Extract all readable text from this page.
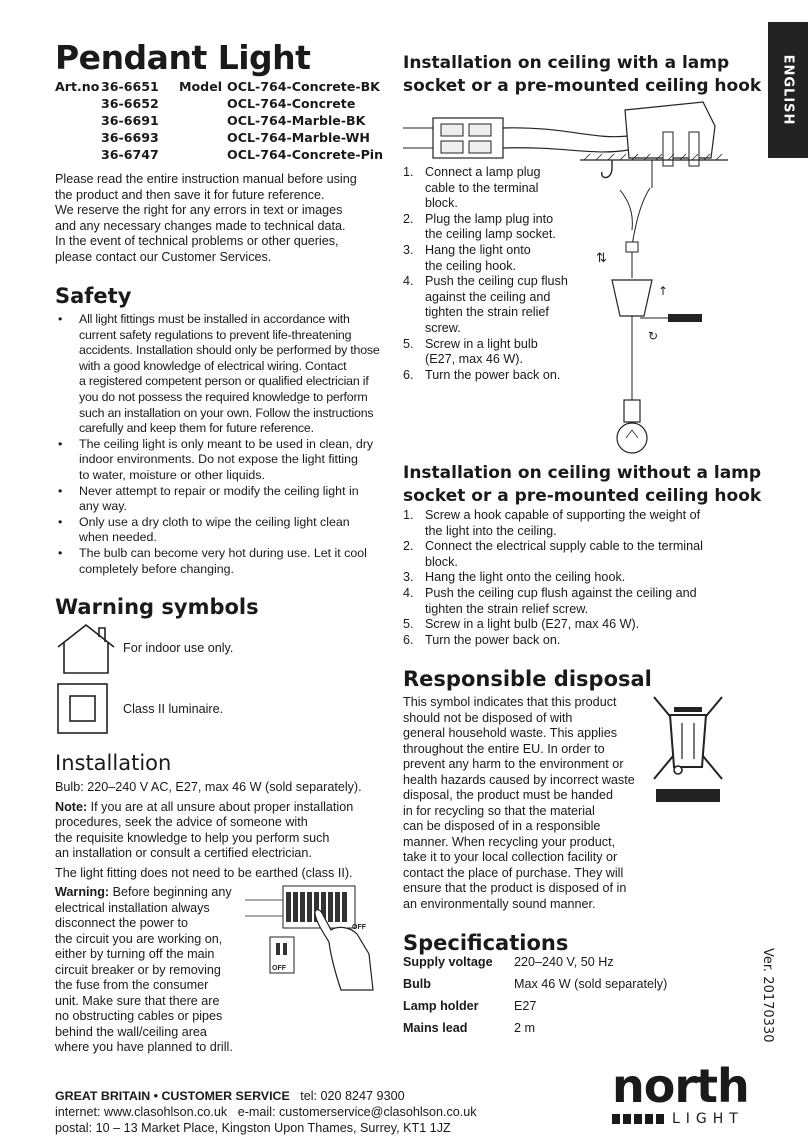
ENGLISH
Pendant Light
Art.no	36-6651	Model	OCL-764-Concrete-BK
	36-6652		OCL-764-Concrete
	36-6691		OCL-764-Marble-BK
	36-6693		OCL-764-Marble-WH
	36-6747		OCL-764-Concrete-Pin
Please read the entire instruction manual before using
the product and then save it for future reference.
We reserve the right for any errors in text or images
and any necessary changes made to technical data.
In the event of technical problems or other queries,
please contact our Customer Services.
Safety
• All light fittings must be installed in accordance with
current safety regulations to prevent life-threatening
accidents. Installation should only be performed by those
with a good knowledge of electrical wiring. Contact
a registered competent person or qualified electrician if
you do not possess the required knowledge to perform
such an installation on your own. Follow the instructions
carefully and keep them for future reference.
• The ceiling light is only meant to be used in clean, dry
indoor environments. Do not expose the light fitting
to water, moisture or other liquids.
• Never attempt to repair or modify the ceiling light in
any way.
• Only use a dry cloth to wipe the ceiling light clean
when needed.
• The bulb can become very hot during use. Let it cool
completely before changing.
Warning symbols
For indoor use only.
Class II luminaire.
Installation
Bulb: 220–240 V AC, E27, max 46 W (sold separately).
Note: If you are at all unsure about proper installation
procedures, seek the advice of someone with
the requisite knowledge to help you perform such
an installation or consult a certified electrician.
The light fitting does not need to be earthed (class II).
Warning: Before beginning any
electrical installation always
disconnect the power to
the circuit you are working on,
either by turning off the main
circuit breaker or by removing
the fuse from the consumer
unit. Make sure that there are
no obstructing cables or pipes
behind the wall/ceiling area
where you have planned to drill.
OFF
OFF
Installation on ceiling with a lamp
socket or a pre-mounted ceiling hook
1. Connect a lamp plug
cable to the terminal
block.
2. Plug the lamp plug into
the ceiling lamp socket.
3. Hang the light onto
the ceiling hook.
4. Push the ceiling cup flush
against the ceiling and
tighten the strain relief
screw.
5. Screw in a light bulb
(E27, max 46 W).
6. Turn the power back on.
⇅
↑
↻
Installation on ceiling without a lamp
socket or a pre-mounted ceiling hook
1. Screw a hook capable of supporting the weight of
the light into the ceiling.
2. Connect the electrical supply cable to the terminal
block.
3. Hang the light onto the ceiling hook.
4. Push the ceiling cup flush against the ceiling and
tighten the strain relief screw.
5. Screw in a light bulb (E27, max 46 W).
6. Turn the power back on.
Responsible disposal
This symbol indicates that this product
should not be disposed of with
general household waste. This applies
throughout the entire EU. In order to
prevent any harm to the environment or
health hazards caused by incorrect waste
disposal, the product must be handed
in for recycling so that the material
can be disposed of in a responsible
manner. When recycling your product,
take it to your local collection facility or
contact the place of purchase. They will
ensure that the product is disposed of in
an environmentally sound manner.
Specifications
Supply voltage	220–240 V, 50 Hz
Bulb	Max 46 W (sold separately)
Lamp holder	E27
Mains lead	2 m	Ver. 20170330
GREAT BRITAIN • CUSTOMER SERVICE tel: 020 8247 9300
internet: www.clasohlson.co.uk e-mail: customerservice@clasohlson.co.uk
postal: 10 – 13 Market Place, Kingston Upon Thames, Surrey, KT1 1JZ
north
LIGHT
